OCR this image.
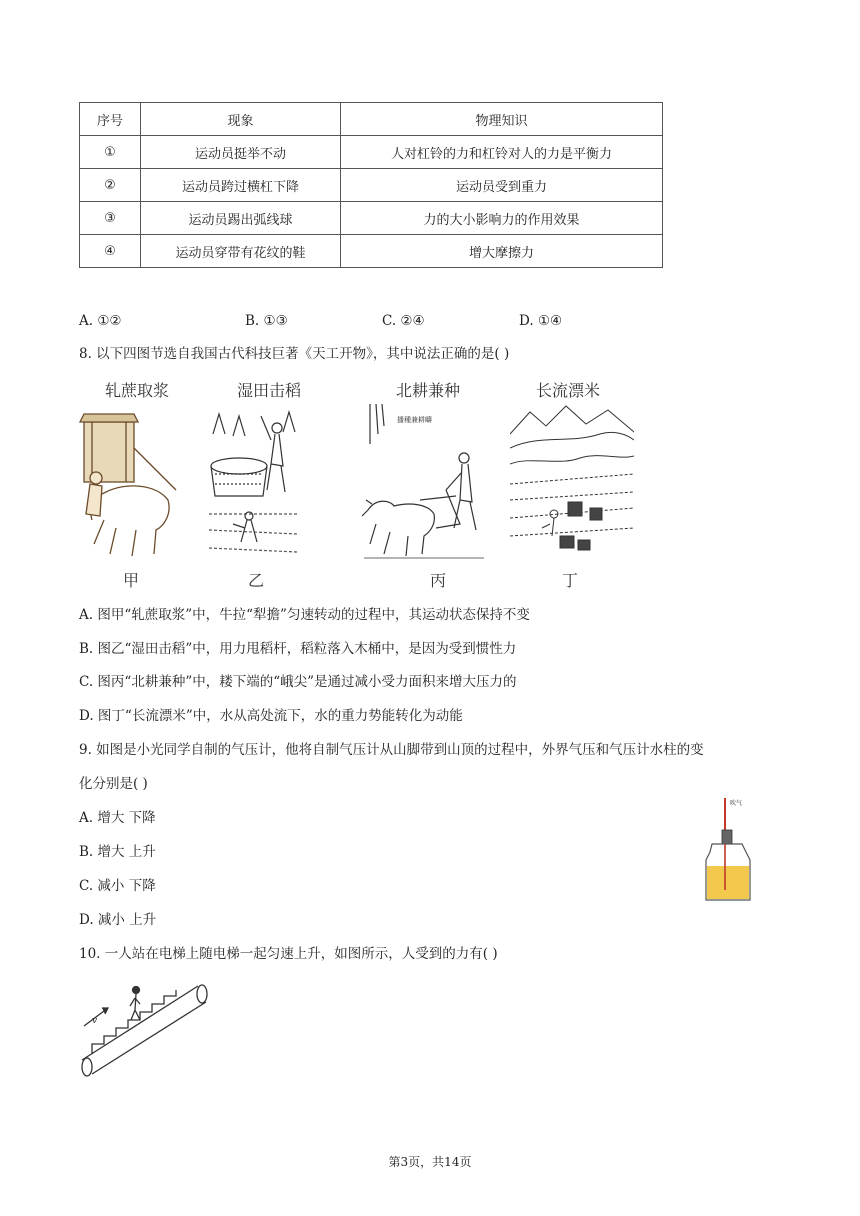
序号	现象	物理知识
①	运动员挺举不动	人对杠铃的力和杠铃对人的力是平衡力
②	运动员跨过横杠下降	运动员受到重力
③	运动员踢出弧线球	力的大小影响力的作用效果
④	运动员穿带有花纹的鞋	增大摩擦力
A. ①②	B. ①③	C. ②④	D. ①④
8. 以下四图节选自我国古代科技巨著《天工开物》，其中说法正确的是( )
轧蔗取浆	湿田击稻	北耕兼种	长流漂米
甲	乙
播種兼耕疇
丙	丁
A. 图甲“轧蔗取浆”中，牛拉“犁擔”匀速转动的过程中，其运动状态保持不变
B. 图乙“湿田击稻”中，用力甩稻杆，稻粒落入木桶中，是因为受到惯性力
C. 图丙“北耕兼种”中，耧下端的“峨尖”是通过减小受力面积来增大压力的
D. 图丁“长流漂米”中，水从高处流下，水的重力势能转化为动能
9. 如图是小光同学自制的气压计，他将自制气压计从山脚带到山顶的过程中，外界气压和气压计水柱的变
化分别是( )
A. 增大 下降
B. 增大 上升
C. 减小 下降
D. 减小 上升
吹气
10. 一人站在电梯上随电梯一起匀速上升，如图所示，人受到的力有( )
v
第3页，共14页
